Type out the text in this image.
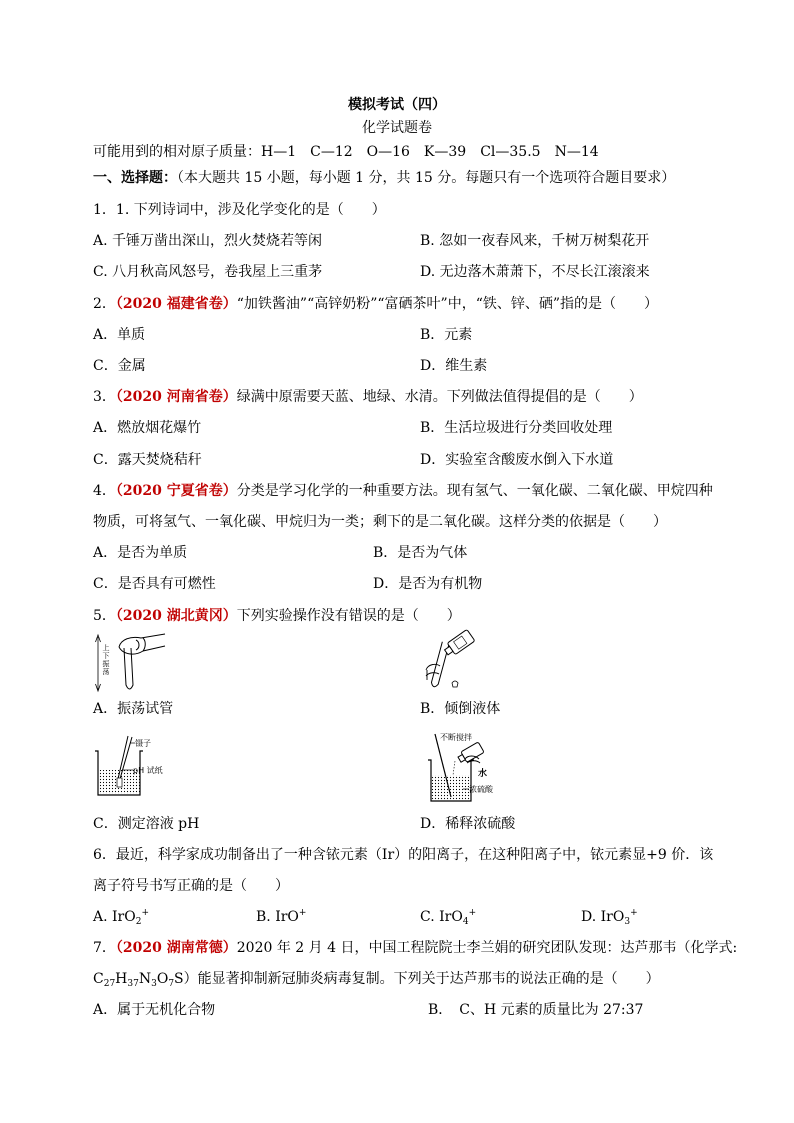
模拟考试（四）
化学试题卷
可能用到的相对原子质量：H—1　C—12　O—16　K—39　Cl—35.5　N—14
一、选择题：（本大题共 15 小题，每小题 1 分，共 15 分。每题只有一个选项符合题目要求）
1．1. 下列诗词中，涉及化学变化的是（　　）
A. 千锤万凿出深山，烈火焚烧若等闲	B. 忽如一夜春风来，千树万树梨花开
C. 八月秋高风怒号，卷我屋上三重茅	D. 无边落木萧萧下，不尽长江滚滚来
2．（2020 福建省卷）“加铁酱油”“高锌奶粉”“富硒茶叶”中，“铁、锌、硒”指的是（　　）
A．单质	B．元素
C．金属	D．维生素
3．（2020 河南省卷）绿满中原需要天蓝、地绿、水清。下列做法值得提倡的是（　　）
A．燃放烟花爆竹	B．生活垃圾进行分类回收处理
C．露天焚烧秸秆	D．实验室含酸废水倒入下水道
4．（2020 宁夏省卷）分类是学习化学的一种重要方法。现有氢气、一氧化碳、二氧化碳、甲烷四种
物质，可将氢气、一氧化碳、甲烷归为一类；剩下的是二氧化碳。这样分类的依据是（　　）
A．是否为单质	B．是否为气体
C．是否具有可燃性	D．是否为有机物
5．（2020 湖北黄冈）下列实验操作没有错误的是（　　）
上下振荡
A．振荡试管	B．倾倒液体
镊子
pH 试纸
C．测定溶液 pH
不断搅拌
水
浓硫酸
D．稀释浓硫酸
6．最近，科学家成功制备出了一种含铱元素（Ir）的阳离子，在这种阳离子中，铱元素显+9 价．该
离子符号书写正确的是（　　）
A. IrO$_2$+	B. IrO+	C. IrO$_4$+	D. IrO$_3$+
7．（2020 湖南常德）2020 年 2 月 4 日，中国工程院院士李兰娟的研究团队发现：达芦那韦（化学式:
$C_{27}H_{37}N_3O_7S$）能显著抑制新冠肺炎病毒复制。下列关于达芦那韦的说法正确的是（　　）
A．属于无机化合物	B．　C、H 元素的质量比为 27:37
